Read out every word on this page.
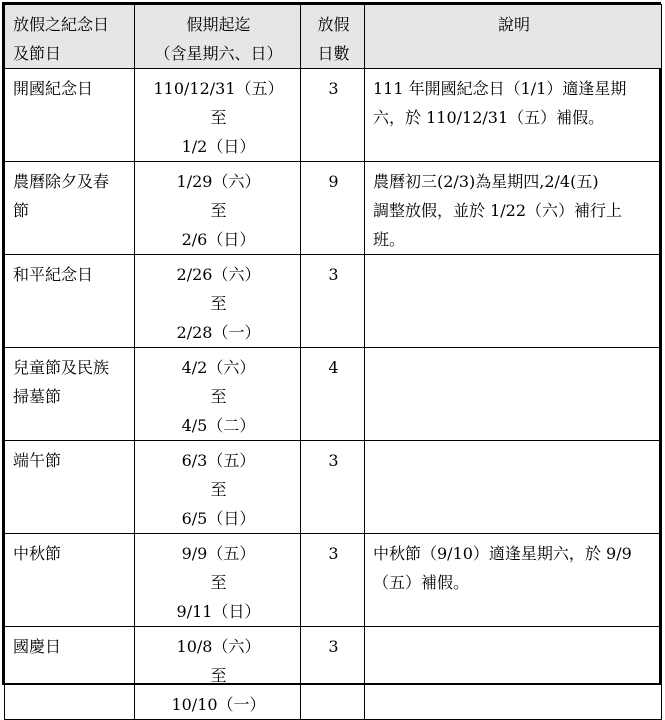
放假之紀念日
及節日	假期起迄
（含星期六、日）	放假
日數	說明

開國紀念日	110/12/31（五）
至
1/2（日）	3	111 年開國紀念日（1/1）適逢星期
六，於 110/12/31（五）補假。

農曆除夕及春
節	1/29（六）
至
2/6（日）	9	農曆初三(2/3)為星期四,2/4(五)
調整放假，並於 1/22（六）補行上
班。

和平紀念日	2/26（六）
至
2/28（一）	3	

兒童節及民族
掃墓節	4/2（六）
至
4/5（二）	4	

端午節	6/3（五）
至
6/5（日）	3	

中秋節	9/9（五）
至
9/11（日）	3	中秋節（9/10）適逢星期六，於 9/9
（五）補假。

國慶日	10/8（六）
至
10/10（一）	3	
